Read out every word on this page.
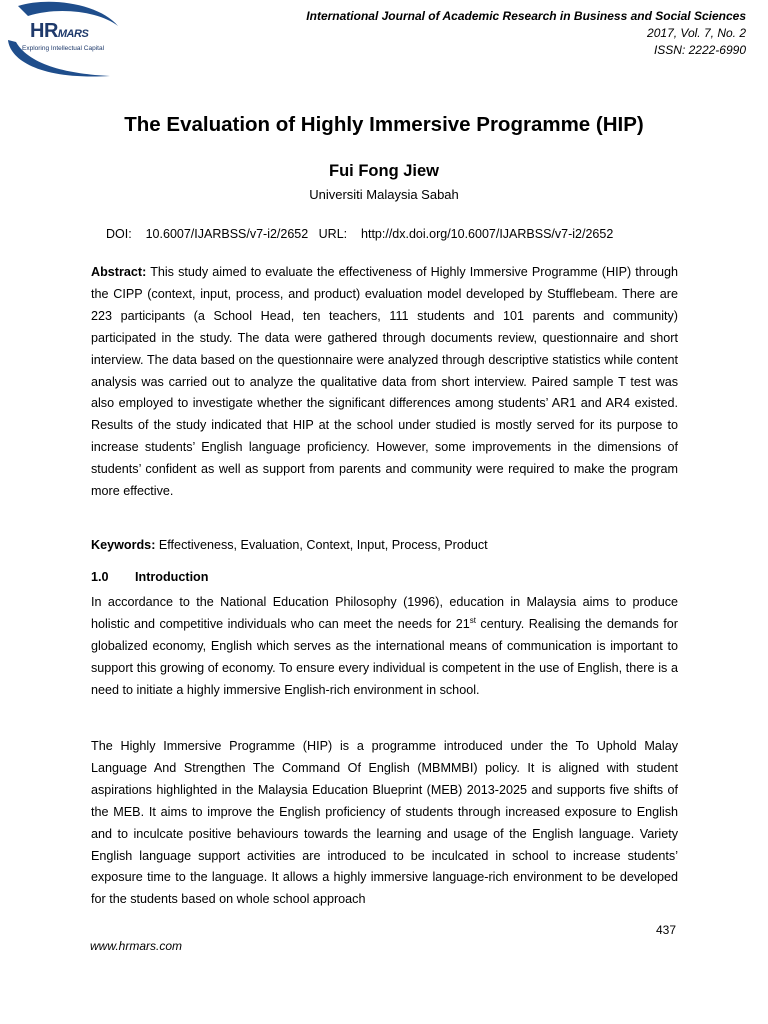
HRMARS
Exploring Intellectual Capital
International Journal of Academic Research in Business and Social Sciences
2017, Vol. 7, No. 2
ISSN: 2222-6990
The Evaluation of Highly Immersive Programme (HIP)
Fui Fong Jiew
Universiti Malaysia Sabah
DOI: 10.6007/IJARBSS/v7-i2/2652 URL: http://dx.doi.org/10.6007/IJARBSS/v7-i2/2652

Abstract: This study aimed to evaluate the effectiveness of Highly Immersive Programme (HIP) through the CIPP (context, input, process, and product) evaluation model developed by Stufflebeam. There are 223 participants (a School Head, ten teachers, 111 students and 101 parents and community) participated in the study. The data were gathered through documents review, questionnaire and short interview. The data based on the questionnaire were analyzed through descriptive statistics while content analysis was carried out to analyze the qualitative data from short interview. Paired sample T test was also employed to investigate whether the significant differences among students’ AR1 and AR4 existed. Results of the study indicated that HIP at the school under studied is mostly served for its purpose to increase students’ English language proficiency. However, some improvements in the dimensions of students’ confident as well as support from parents and community were required to make the program more effective.

Keywords: Effectiveness, Evaluation, Context, Input, Process, Product

1.0 Introduction

In accordance to the National Education Philosophy (1996), education in Malaysia aims to produce holistic and competitive individuals who can meet the needs for 21st century. Realising the demands for globalized economy, English which serves as the international means of communication is important to support this growing of economy. To ensure every individual is competent in the use of English, there is a need to initiate a highly immersive English-rich environment in school.

The Highly Immersive Programme (HIP) is a programme introduced under the To Uphold Malay Language And Strengthen The Command Of English (MBMMBI) policy. It is aligned with student aspirations highlighted in the Malaysia Education Blueprint (MEB) 2013-2025 and supports five shifts of the MEB. It aims to improve the English proficiency of students through increased exposure to English and to inculcate positive behaviours towards the learning and usage of the English language. Variety English language support activities are introduced to be inculcated in school to increase students’ exposure time to the language. It allows a highly immersive language-rich environment to be developed for the students based on whole school approach

437
www.hrmars.com
